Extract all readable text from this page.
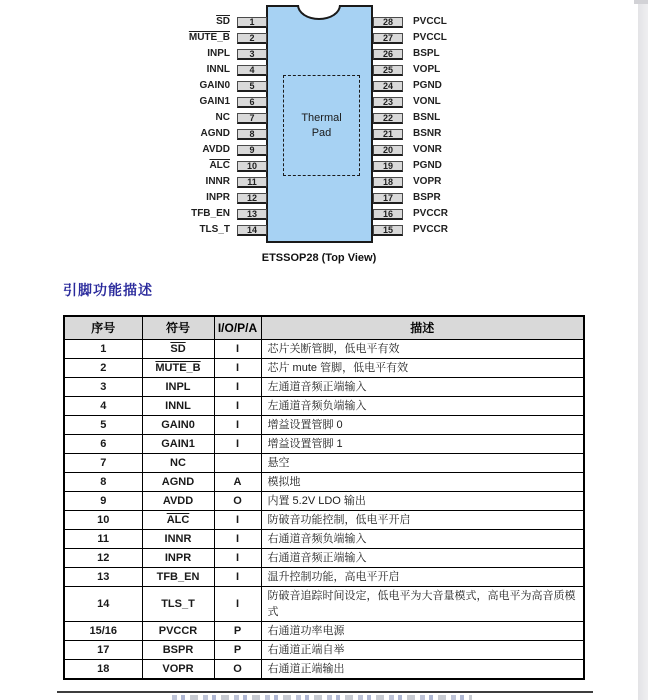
Thermal
Pad
$\overline{SD}$	1	28	PVCCL
MUTE_B	2	27	PVCCL
INPL	3	26	BSPL
INNL	4	25	VOPL
GAIN0	5	24	PGND
GAIN1	6	23	VONL
NC	7	22	BSNL
AGND	8	21	BSNR
AVDD	9	20	VONR
$\overline{ALC}$	10	19	PGND
INNR	11	18	VOPR
INPR	12	17	BSPR
TFB_EN	13	16	PVCCR
TLS_T	14	15	PVCCR
ETSSOP28 (Top View)
引脚功能描述
序号	符号	I/O/P/A	描述
1	$\overline{SD}$	I	芯片关断管脚，低电平有效
2	MUTE_B	I	芯片 mute 管脚，低电平有效
3	INPL	I	左通道音频正端输入
4	INNL	I	左通道音频负端输入
5	GAIN0	I	增益设置管脚 0
6	GAIN1	I	增益设置管脚 1
7	NC		悬空
8	AGND	A	模拟地
9	AVDD	O	内置 5.2V LDO 输出
10	$\overline{ALC}$	I	防破音功能控制，低电平开启
11	INNR	I	右通道音频负端输入
12	INPR	I	右通道音频正端输入
13	TFB_EN	I	温升控制功能，高电平开启
14	TLS_T	I	防破音追踪时间设定，低电平为大音量模式，高电平为高音质模式
15/16	PVCCR	P	右通道功率电源
17	BSPR	P	右通道正端自举
18	VOPR	O	右通道正端输出
